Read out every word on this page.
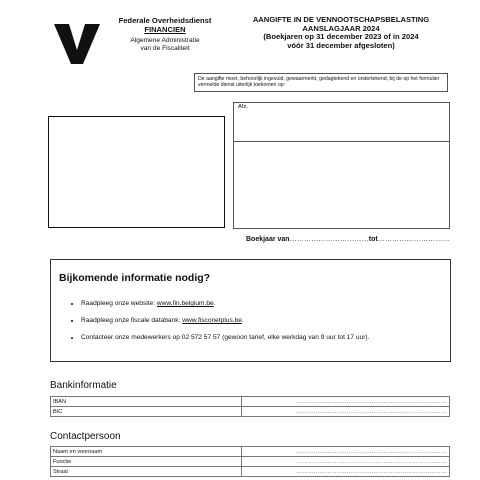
Federale Overheidsdienst
FINANCIEN
Algemene Administratie
van de Fiscaliteit
AANGIFTE IN DE VENNOOTSCHAPSBELASTING
AANSLAGJAAR 2024
(Boekjaren op 31 december 2023 of in 2024
vóór 31 december afgesloten)
De aangifte moet, behoorlijk ingevuld, gewaarmerkt, gedagtekend en ondertekend, bij de op het formulier vermelde dienst uiterlijk toekomen op:
Afz.
Boekjaar van……………………………tot…………………………
Bijkomende informatie nodig?
• Raadpleeg onze website: www.fin.belgium.be.
• Raadpleeg onze fiscale databank: www.fisconetplus.be.
• Contacteer onze medewerkers op 02 572 57 57 (gewoon tarief, elke werkdag van 9 uur tot 17 uur).
Bankinformatie
IBAN	……………………………………………………………………
BIC	……………………………………………………………………
Contactpersoon
Naam en voornaam	……………………………………………………………………
Functie	……………………………………………………………………
Straat	……………………………………………………………………
